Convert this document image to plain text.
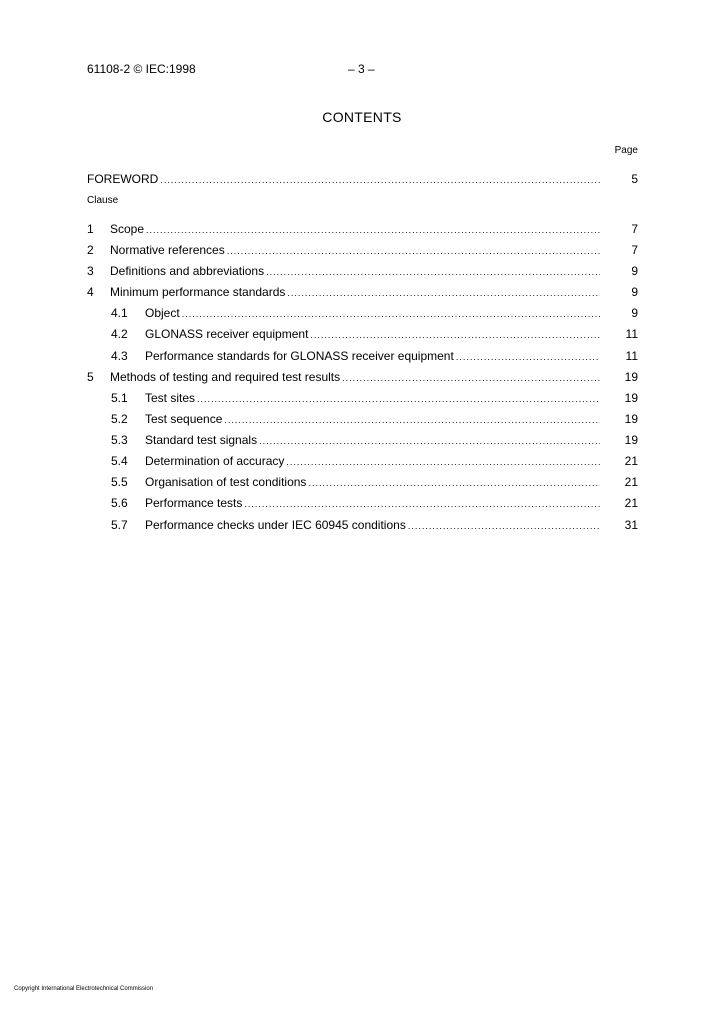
61108-2 © IEC:1998	– 3 –
CONTENTS
Page
FOREWORD .....	5
Clause
1	Scope .....	7
2	Normative references .....	7
3	Definitions and abbreviations .....	9
4	Minimum performance standards .....	9
4.1	Object .....	9
4.2	GLONASS receiver equipment .....	11
4.3	Performance standards for GLONASS receiver equipment .....	11
5	Methods of testing and required test results .....	19
5.1	Test sites .....	19
5.2	Test sequence .....	19
5.3	Standard test signals .....	19
5.4	Determination of accuracy .....	21
5.5	Organisation of test conditions .....	21
5.6	Performance tests .....	21
5.7	Performance checks under IEC 60945 conditions .....	31
Copyright International Electrotechnical Commission
